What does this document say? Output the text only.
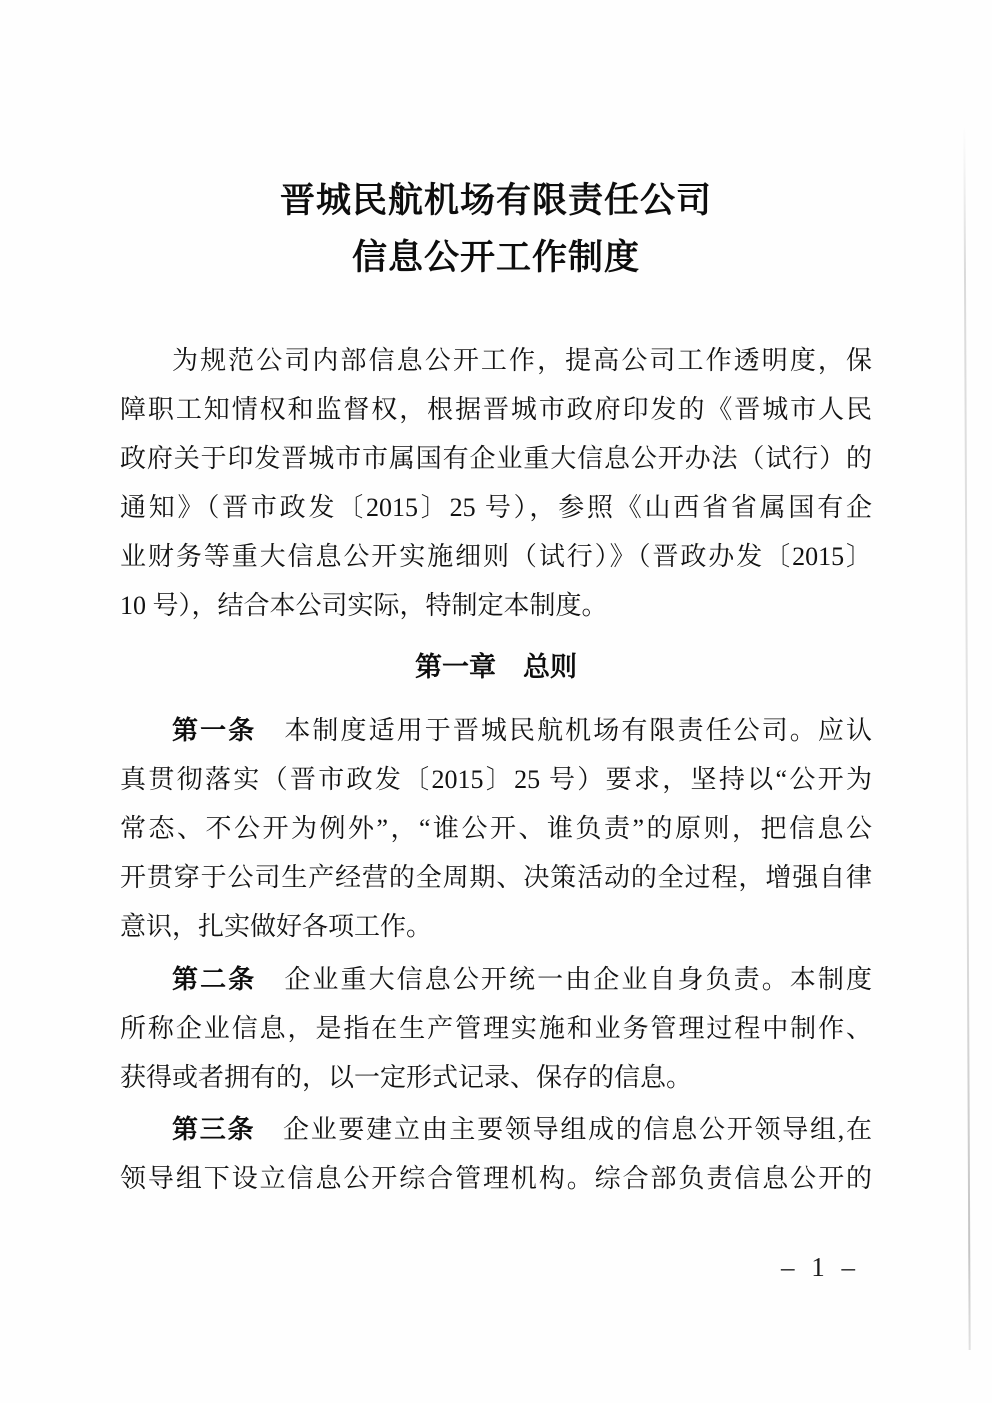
晋城民航机场有限责任公司
信息公开工作制度
为规范公司内部信息公开工作，提高公司工作透明度，保
障职工知情权和监督权，根据晋城市政府印发的《晋城市人民
政府关于印发晋城市市属国有企业重大信息公开办法（试行）的
通知》（晋市政发〔2015〕25 号），参照《山西省省属国有企
业财务等重大信息公开实施细则（试行）》（晋政办发〔2015〕
10 号），结合本公司实际，特制定本制度。
第一章　总则
第一条　本制度适用于晋城民航机场有限责任公司。应认
真贯彻落实（晋市政发〔2015〕25 号）要求，坚持以“公开为
常态、不公开为例外”，“谁公开、谁负责”的原则，把信息公
开贯穿于公司生产经营的全周期、决策活动的全过程，增强自律
意识，扎实做好各项工作。
第二条　企业重大信息公开统一由企业自身负责。本制度
所称企业信息，是指在生产管理实施和业务管理过程中制作、
获得或者拥有的，以一定形式记录、保存的信息。
第三条　企业要建立由主要领导组成的信息公开领导组,在
领导组下设立信息公开综合管理机构。综合部负责信息公开的
– 1 –
